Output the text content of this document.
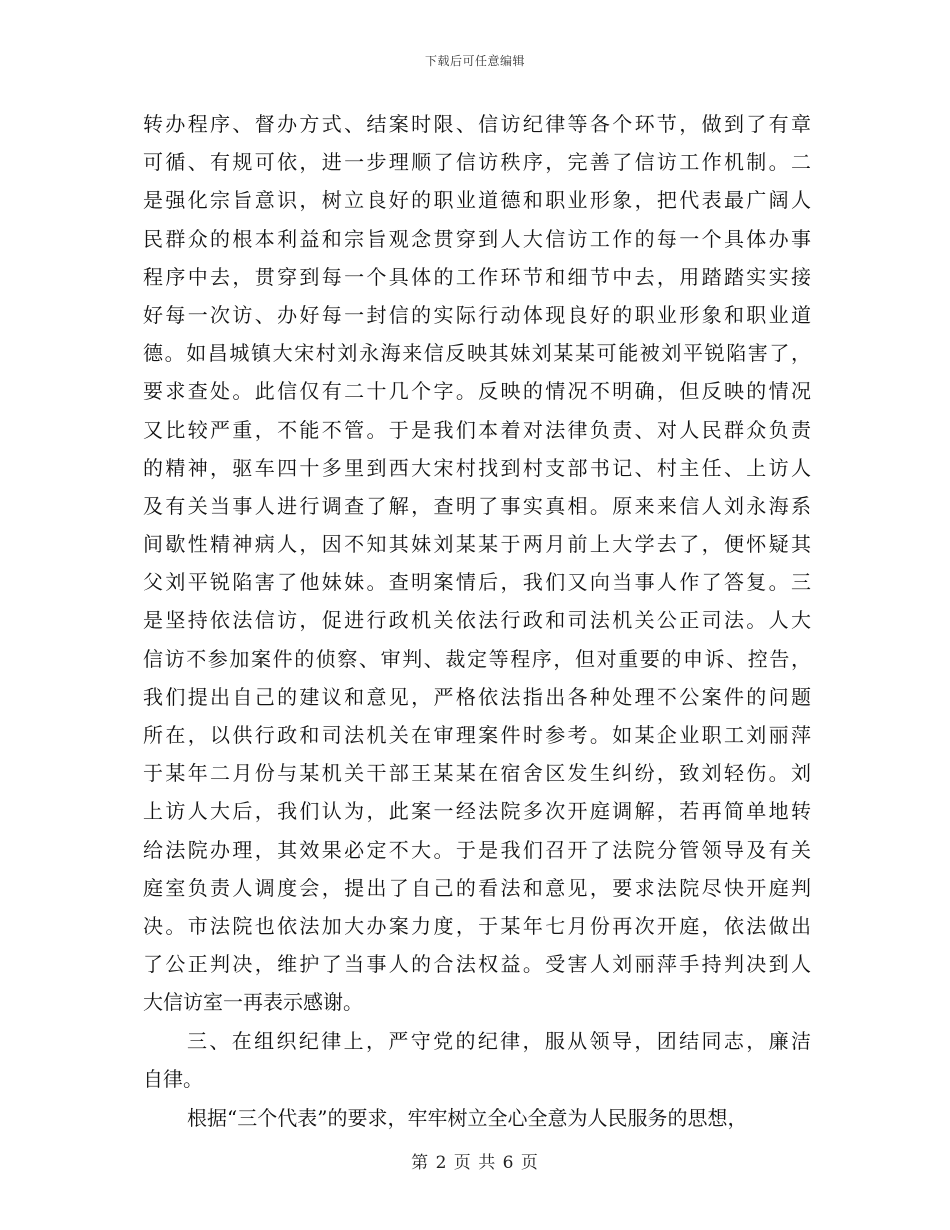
下载后可任意编辑
转办程序、督办方式、结案时限、信访纪律等各个环节，做到了有章
可循、有规可依，进一步理顺了信访秩序，完善了信访工作机制。二
是强化宗旨意识，树立良好的职业道德和职业形象，把代表最广阔人
民群众的根本利益和宗旨观念贯穿到人大信访工作的每一个具体办事
程序中去，贯穿到每一个具体的工作环节和细节中去，用踏踏实实接
好每一次访、办好每一封信的实际行动体现良好的职业形象和职业道
德。如昌城镇大宋村刘永海来信反映其妹刘某某可能被刘平锐陷害了，
要求查处。此信仅有二十几个字。反映的情况不明确，但反映的情况
又比较严重，不能不管。于是我们本着对法律负责、对人民群众负责
的精神，驱车四十多里到西大宋村找到村支部书记、村主任、上访人
及有关当事人进行调查了解，查明了事实真相。原来来信人刘永海系
间歇性精神病人，因不知其妹刘某某于两月前上大学去了，便怀疑其
父刘平锐陷害了他妹妹。查明案情后，我们又向当事人作了答复。三
是坚持依法信访，促进行政机关依法行政和司法机关公正司法。人大
信访不参加案件的侦察、审判、裁定等程序，但对重要的申诉、控告，
我们提出自己的建议和意见，严格依法指出各种处理不公案件的问题
所在，以供行政和司法机关在审理案件时参考。如某企业职工刘丽萍
于某年二月份与某机关干部王某某在宿舍区发生纠纷，致刘轻伤。刘
上访人大后，我们认为，此案一经法院多次开庭调解，若再简单地转
给法院办理，其效果必定不大。于是我们召开了法院分管领导及有关
庭室负责人调度会，提出了自己的看法和意见，要求法院尽快开庭判
决。市法院也依法加大办案力度，于某年七月份再次开庭，依法做出
了公正判决，维护了当事人的合法权益。受害人刘丽萍手持判决到人
大信访室一再表示感谢。
三、在组织纪律上，严守党的纪律，服从领导，团结同志，廉洁
自律。
根据“三个代表”的要求，牢牢树立全心全意为人民服务的思想，
第 2 页 共 6 页
